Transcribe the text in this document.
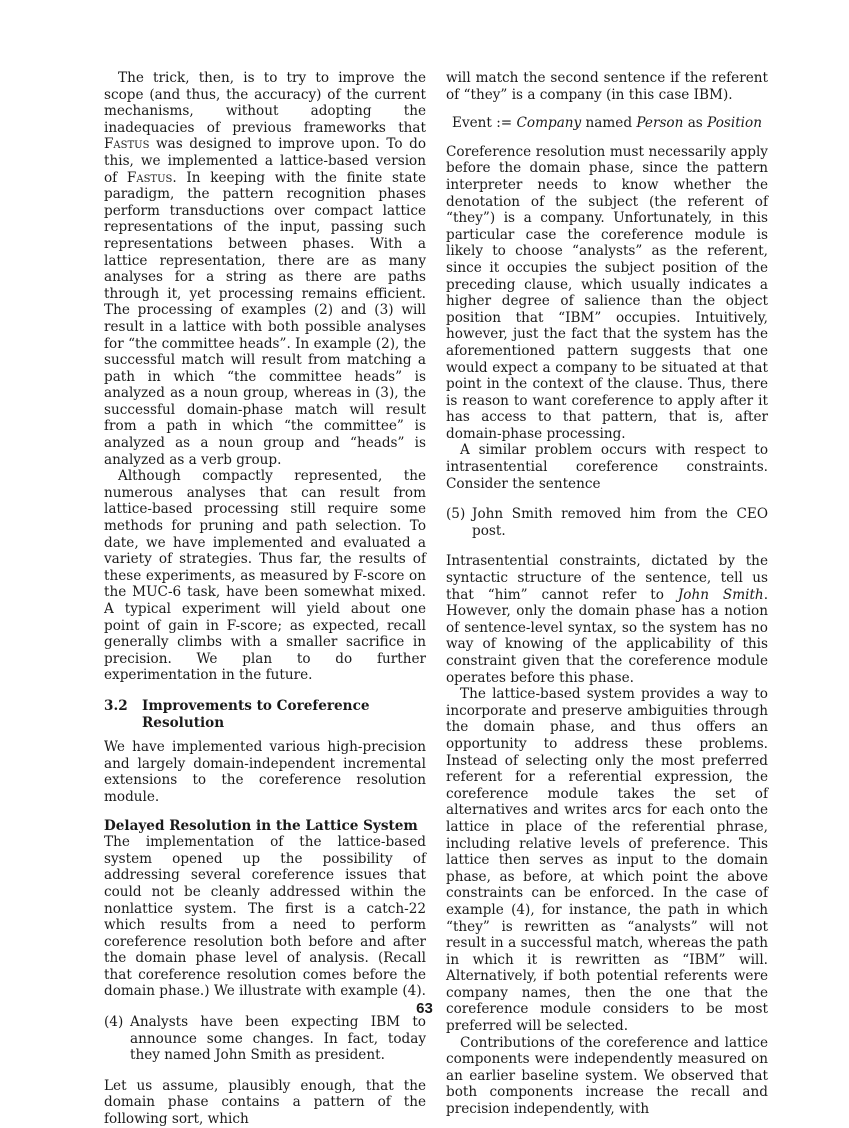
The trick, then, is to try to improve the scope (and thus, the accuracy) of the current mechanisms, without adopting the inadequacies of previous frameworks that Fastus was designed to improve upon. To do this, we implemented a lattice-based version of Fastus. In keeping with the finite state paradigm, the pattern recognition phases perform transductions over compact lattice representations of the input, passing such representations between phases. With a lattice representation, there are as many analyses for a string as there are paths through it, yet processing remains efficient. The processing of examples (2) and (3) will result in a lattice with both possible analyses for “the committee heads”. In example (2), the successful match will result from matching a path in which “the committee heads” is analyzed as a noun group, whereas in (3), the successful domain-phase match will result from a path in which “the committee” is analyzed as a noun group and “heads” is analyzed as a verb group.

Although compactly represented, the numerous analyses that can result from lattice-based processing still require some methods for pruning and path selection. To date, we have implemented and evaluated a variety of strategies. Thus far, the results of these experiments, as measured by F-score on the MUC-6 task, have been somewhat mixed. A typical experiment will yield about one point of gain in F-score; as expected, recall generally climbs with a smaller sacrifice in precision. We plan to do further experimentation in the future.

3.2	Improvements to Coreference Resolution

We have implemented various high-precision and largely domain-independent incremental extensions to the coreference resolution module.

Delayed Resolution in the Lattice System

The implementation of the lattice-based system opened up the possibility of addressing several coreference issues that could not be cleanly addressed within the nonlattice system. The first is a catch-22 which results from a need to perform coreference resolution both before and after the domain phase level of analysis. (Recall that coreference resolution comes before the domain phase.) We illustrate with example (4).

(4) Analysts have been expecting IBM to announce some changes. In fact, today they named John Smith as president.

Let us assume, plausibly enough, that the domain phase contains a pattern of the following sort, which

will match the second sentence if the referent of “they” is a company (in this case IBM).

Event := Company named Person as Position

Coreference resolution must necessarily apply before the domain phase, since the pattern interpreter needs to know whether the denotation of the subject (the referent of “they”) is a company. Unfortunately, in this particular case the coreference module is likely to choose “analysts” as the referent, since it occupies the subject position of the preceding clause, which usually indicates a higher degree of salience than the object position that “IBM” occupies. Intuitively, however, just the fact that the system has the aforementioned pattern suggests that one would expect a company to be situated at that point in the context of the clause. Thus, there is reason to want coreference to apply after it has access to that pattern, that is, after domain-phase processing.

A similar problem occurs with respect to intrasentential coreference constraints. Consider the sentence

(5) John Smith removed him from the CEO post.

Intrasentential constraints, dictated by the syntactic structure of the sentence, tell us that “him” cannot refer to John Smith. However, only the domain phase has a notion of sentence-level syntax, so the system has no way of knowing of the applicability of this constraint given that the coreference module operates before this phase.

The lattice-based system provides a way to incorporate and preserve ambiguities through the domain phase, and thus offers an opportunity to address these problems. Instead of selecting only the most preferred referent for a referential expression, the coreference module takes the set of alternatives and writes arcs for each onto the lattice in place of the referential phrase, including relative levels of preference. This lattice then serves as input to the domain phase, as before, at which point the above constraints can be enforced. In the case of example (4), for instance, the path in which “they” is rewritten as “analysts” will not result in a successful match, whereas the path in which it is rewritten as “IBM” will. Alternatively, if both potential referents were company names, then the one that the coreference module considers to be most preferred will be selected.

Contributions of the coreference and lattice components were independently measured on an earlier baseline system. We observed that both components increase the recall and precision independently, with

63
